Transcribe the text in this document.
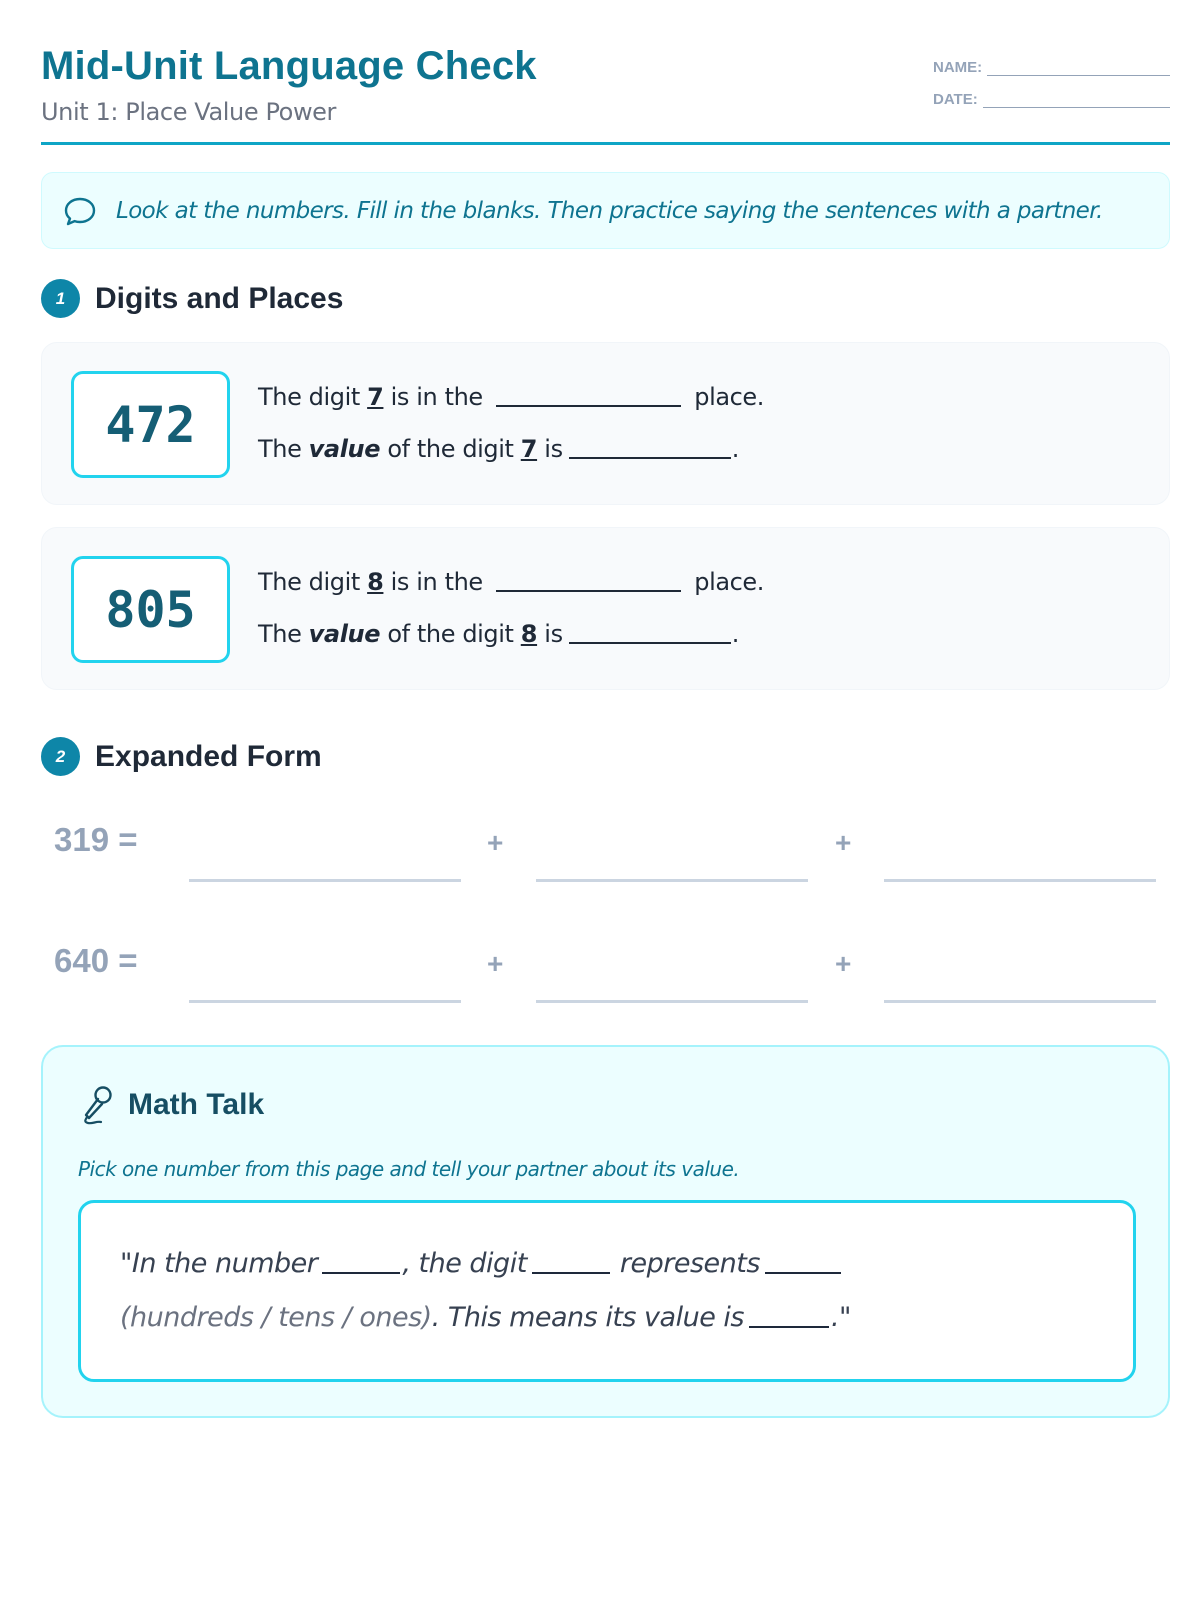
Mid-Unit Language Check
Unit 1: Place Value Power
NAME:
DATE:
Look at the numbers. Fill in the blanks. Then practice saying the sentences with a partner.
1 Digits and Places
472	The digit 7 is in the	place.
The value of the digit 7 is	.
805	The digit 8 is in the	place.
The value of the digit 8 is	.
2 Expanded Form
319 =	+	+
640 =	+	+
Math Talk
Pick one number from this page and tell your partner about its value.
"In the number	, the digit	represents
(hundreds / tens / ones) . This means its value is	."
